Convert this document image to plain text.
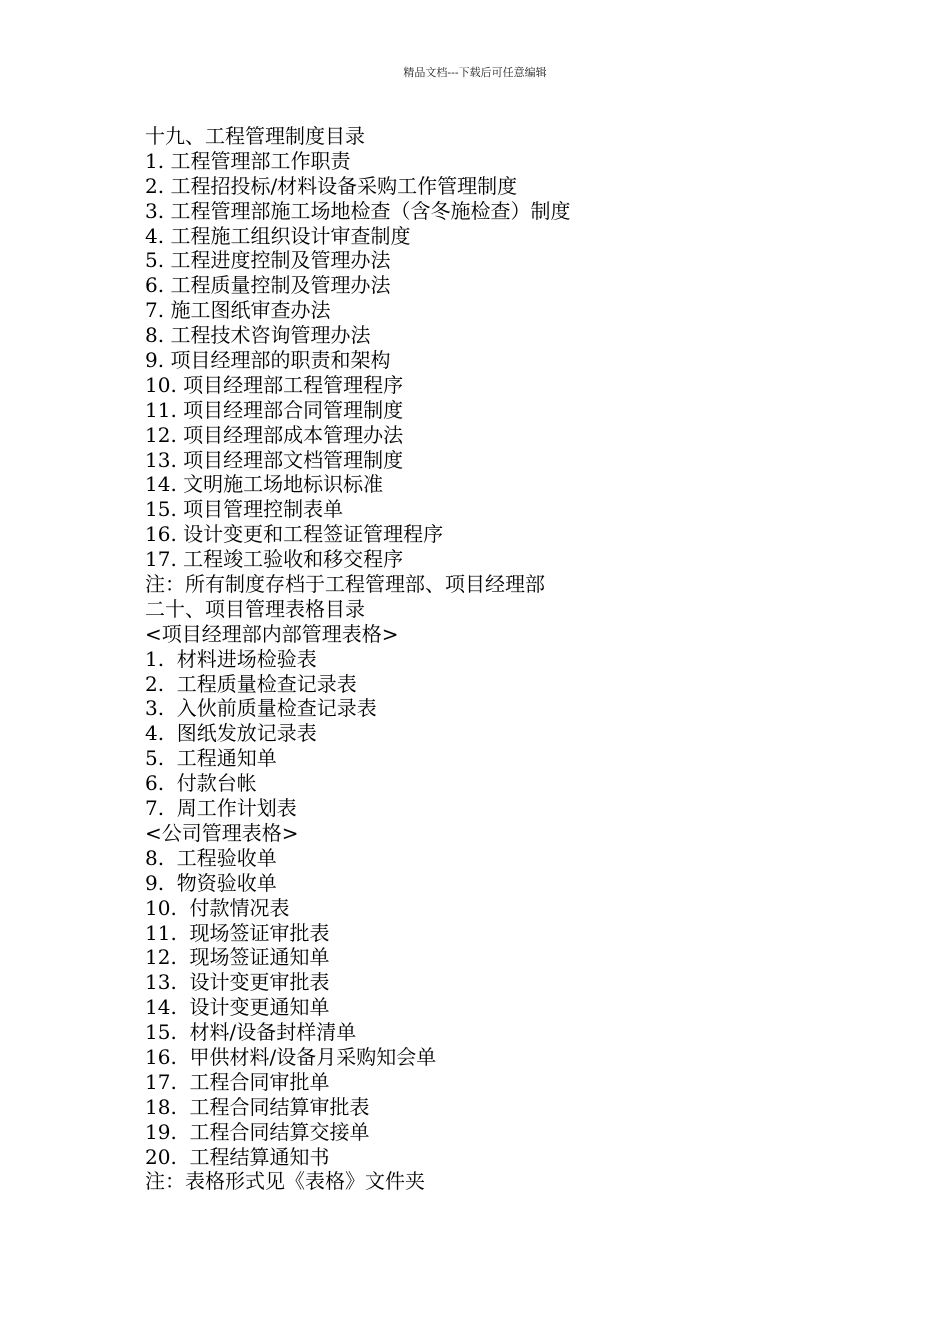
精品文档---下载后可任意编辑
十九、工程管理制度目录
1. 工程管理部工作职责
2. 工程招投标/材料设备采购工作管理制度
3. 工程管理部施工场地检查（含冬施检查）制度
4. 工程施工组织设计审查制度
5. 工程进度控制及管理办法
6. 工程质量控制及管理办法
7. 施工图纸审查办法
8. 工程技术咨询管理办法
9. 项目经理部的职责和架构
10. 项目经理部工程管理程序
11. 项目经理部合同管理制度
12. 项目经理部成本管理办法
13. 项目经理部文档管理制度
14. 文明施工场地标识标准
15. 项目管理控制表单
16. 设计变更和工程签证管理程序
17. 工程竣工验收和移交程序
注：所有制度存档于工程管理部、项目经理部
二十、项目管理表格目录
<项目经理部内部管理表格>
1.  材料进场检验表
2.  工程质量检查记录表
3.  入伙前质量检查记录表
4.  图纸发放记录表
5.  工程通知单
6.  付款台帐
7.  周工作计划表
<公司管理表格>
8.  工程验收单
9.  物资验收单
10.  付款情况表
11.  现场签证审批表
12.  现场签证通知单
13.  设计变更审批表
14.  设计变更通知单
15.  材料/设备封样清单
16.  甲供材料/设备月采购知会单
17.  工程合同审批单
18.  工程合同结算审批表
19.  工程合同结算交接单
20.  工程结算通知书
注：表格形式见《表格》文件夹
